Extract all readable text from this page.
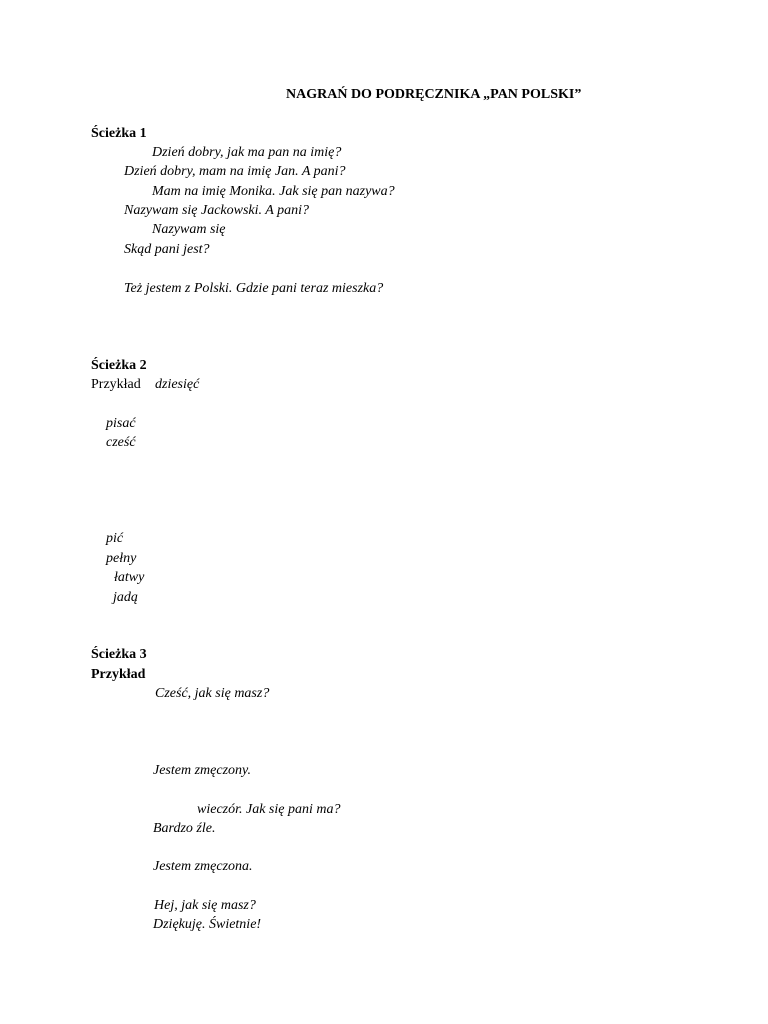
NAGRAŃ DO PODRĘCZNIKA „PAN POLSKI”
Ścieżka 1
Dzień dobry, jak ma pan na imię?
Dzień dobry, mam na imię Jan. A pani?
Mam na imię Monika. Jak się pan nazywa?
Nazywam się Jackowski. A pani?
Nazywam się
Skąd pani jest?
Też jestem z Polski. Gdzie pani teraz mieszka?
Ścieżka 2
Przykład dziesięć
pisać
cześć
pić
pełny
łatwy
jadą
Ścieżka 3
Przykład
Cześć, jak się masz?
Jestem zmęczony.
wieczór. Jak się pani ma?
Bardzo źle.
Jestem zmęczona.
Hej, jak się masz?
Dziękuję. Świetnie!
